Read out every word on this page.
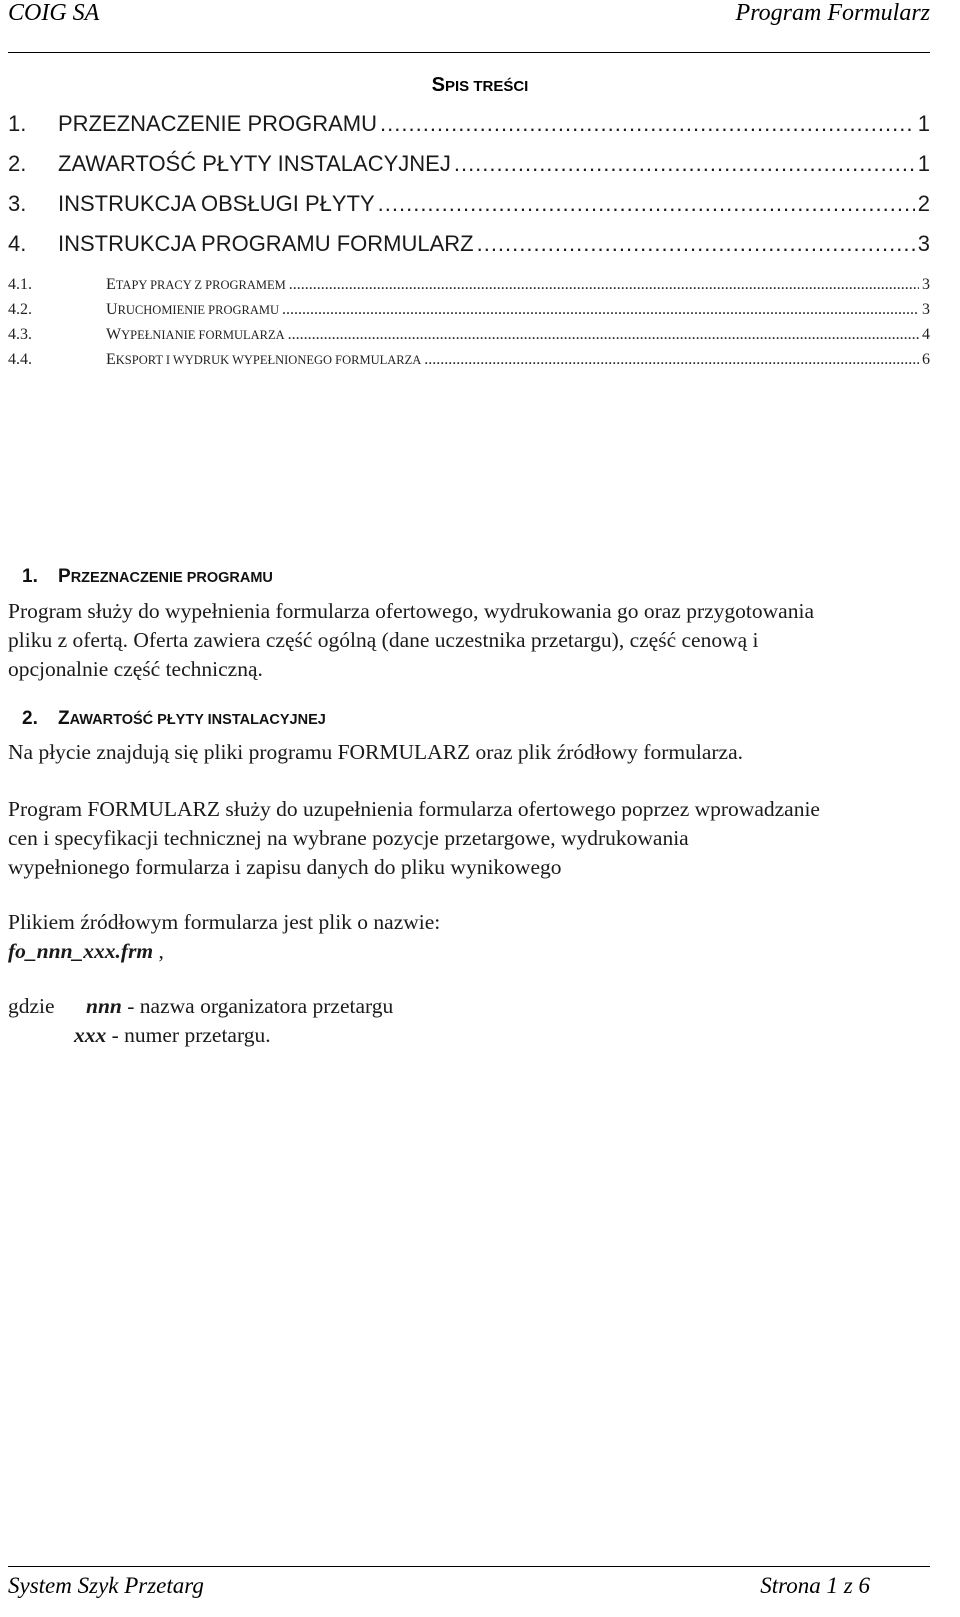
COIG SA	Program Formularz
SPIS TREŚCI
1.	PRZEZNACZENIE PROGRAMU .....	1
2.	ZAWARTOŚĆ PŁYTY INSTALACYJNEJ .....	1
3.	INSTRUKCJA OBSŁUGI PŁYTY .....	2
4.	INSTRUKCJA PROGRAMU FORMULARZ .....	3
4.1.	ETAPY PRACY Z PROGRAMEM .....	3
4.2.	URUCHOMIENIE PROGRAMU .....	3
4.3.	WYPEŁNIANIE FORMULARZA .....	4
4.4.	EKSPORT I WYDRUK WYPEŁNIONEGO FORMULARZA .....	6
1. PRZEZNACZENIE PROGRAMU
Program służy do wypełnienia formularza ofertowego, wydrukowania go oraz przygotowania
pliku z ofertą. Oferta zawiera część ogólną (dane uczestnika przetargu), część cenową i
opcjonalnie część techniczną.
2. ZAWARTOŚĆ PŁYTY INSTALACYJNEJ
Na płycie znajdują się pliki programu FORMULARZ oraz plik źródłowy formularza.
Program FORMULARZ służy do uzupełnienia formularza ofertowego poprzez wprowadzanie
cen i specyfikacji technicznej na wybrane pozycje przetargowe, wydrukowania
wypełnionego formularza i zapisu danych do pliku wynikowego
Plikiem źródłowym formularza jest plik o nazwie:
fo_nnn_xxx.frm ,
gdzie nnn - nazwa organizatora przetargu
xxx - numer przetargu.
System Szyk Przetarg	Strona 1 z 6
